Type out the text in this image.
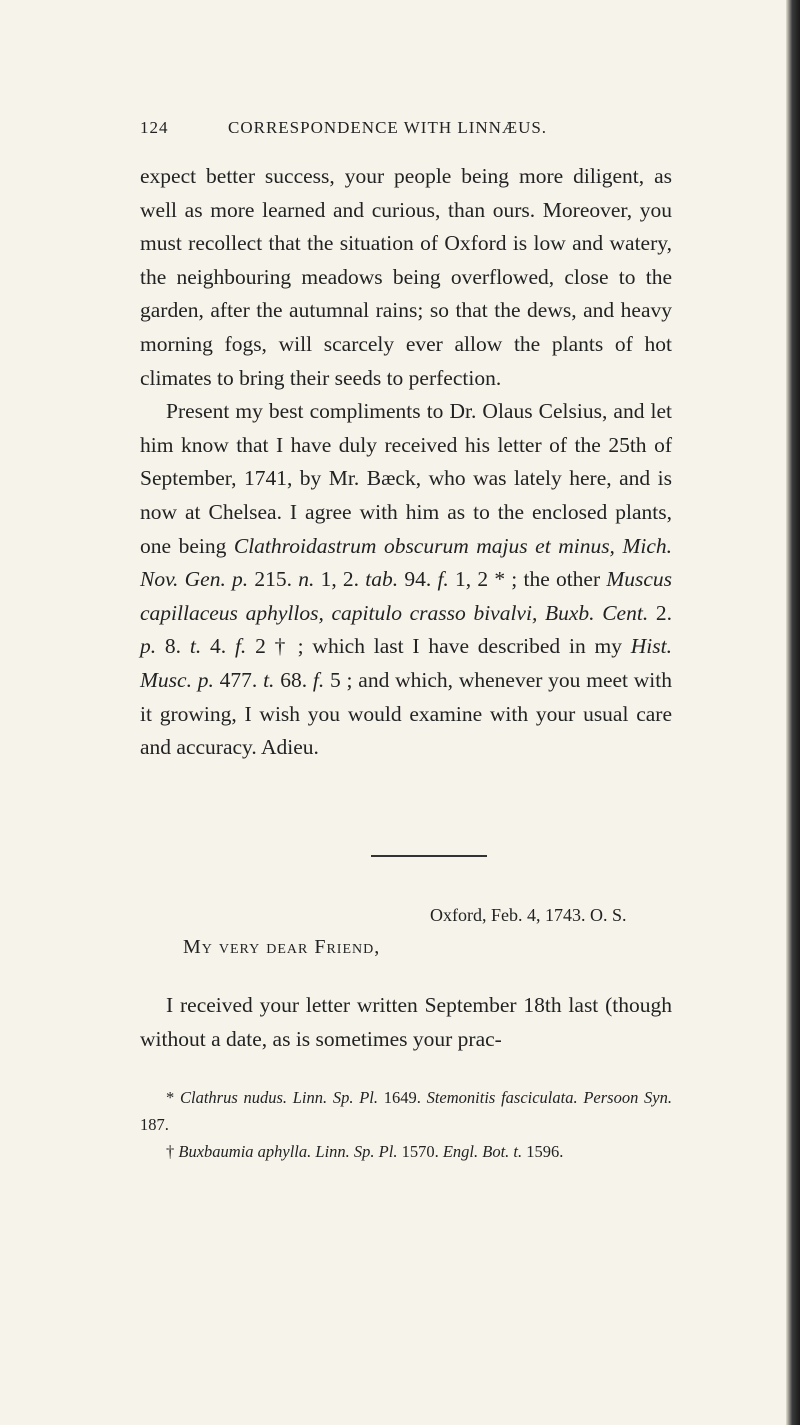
124	CORRESPONDENCE WITH LINNÆUS.

expect better success, your people being more diligent, as well as more learned and curious, than ours. Moreover, you must recollect that the situation of Oxford is low and watery, the neighbouring meadows being overflowed, close to the garden, after the autumnal rains; so that the dews, and heavy morning fogs, will scarcely ever allow the plants of hot climates to bring their seeds to perfection.

Present my best compliments to Dr. Olaus Celsius, and let him know that I have duly received his letter of the 25th of September, 1741, by Mr. Bæck, who was lately here, and is now at Chelsea. I agree with him as to the enclosed plants, one being Clathroidastrum obscurum majus et minus, Mich. Nov. Gen. p. 215. n. 1, 2. tab. 94. f. 1, 2 * ; the other Muscus capillaceus aphyllos, capitulo crasso bivalvi, Buxb. Cent. 2. p. 8. t. 4. f. 2 † ; which last I have described in my Hist. Musc. p. 477. t. 68. f. 5 ; and which, whenever you meet with it growing, I wish you would examine with your usual care and accuracy. Adieu.

Oxford, Feb. 4, 1743. O. S.
My very dear Friend,

I received your letter written September 18th last (though without a date, as is sometimes your prac-

* Clathrus nudus. Linn. Sp. Pl. 1649. Stemonitis fasciculata. Persoon Syn. 187.

† Buxbaumia aphylla. Linn. Sp. Pl. 1570. Engl. Bot. t. 1596.
